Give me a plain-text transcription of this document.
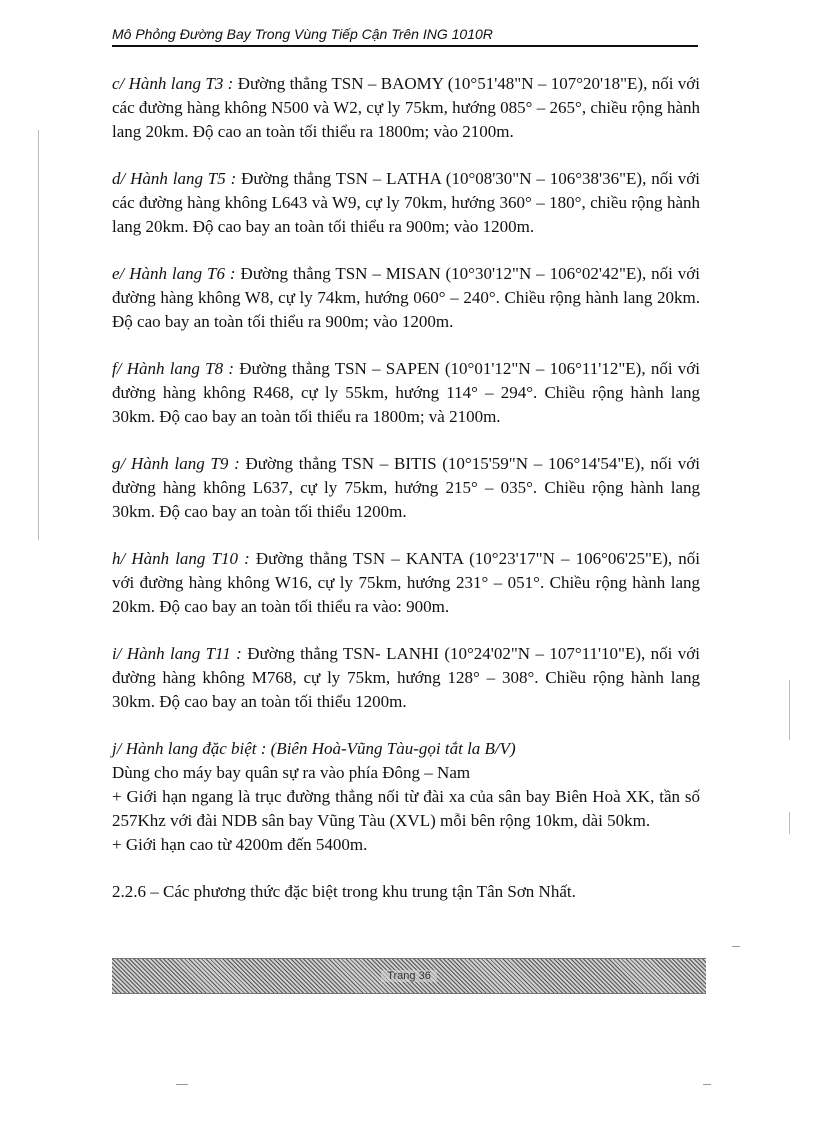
Mô Phỏng Đường Bay Trong Vùng Tiếp Cận Trên ING 1010R

c/ Hành lang T3 : Đường thẳng TSN – BAOMY (10°51'48"N – 107°20'18"E), nối với các đường hàng không N500 và W2, cự ly 75km, hướng 085° – 265°, chiều rộng hành lang 20km. Độ cao an toàn tối thiểu ra 1800m; vào 2100m.

d/ Hành lang T5 : Đường thẳng TSN – LATHA (10°08'30"N – 106°38'36"E), nối với các đường hàng không L643 và W9, cự ly 70km, hướng 360° – 180°, chiều rộng hành lang 20km. Độ cao bay an toàn tối thiểu ra 900m; vào 1200m.

e/ Hành lang T6 : Đường thẳng TSN – MISAN (10°30'12"N – 106°02'42"E), nối với đường hàng không W8, cự ly 74km, hướng 060° – 240°. Chiều rộng hành lang 20km. Độ cao bay an toàn tối thiểu ra 900m; vào 1200m.

f/ Hành lang T8 : Đường thẳng TSN – SAPEN (10°01'12"N – 106°11'12"E), nối với đường hàng không R468, cự ly 55km, hướng 114° – 294°. Chiều rộng hành lang 30km. Độ cao bay an toàn tối thiểu ra 1800m; và 2100m.

g/ Hành lang T9 : Đường thẳng TSN – BITIS (10°15'59"N – 106°14'54"E), nối với đường hàng không L637, cự ly 75km, hướng 215° – 035°. Chiều rộng hành lang 30km. Độ cao bay an toàn tối thiểu 1200m.

h/ Hành lang T10 : Đường thẳng TSN – KANTA (10°23'17"N – 106°06'25"E), nối với đường hàng không W16, cự ly 75km, hướng 231° – 051°. Chiều rộng hành lang 20km. Độ cao bay an toàn tối thiểu ra vào: 900m.

i/ Hành lang T11 : Đường thẳng TSN- LANHI (10°24'02"N – 107°11'10"E), nối với đường hàng không M768, cự ly 75km, hướng 128° – 308°. Chiều rộng hành lang 30km. Độ cao bay an toàn tối thiểu 1200m.

j/ Hành lang đặc biệt : (Biên Hoà-Vũng Tàu-gọi tắt la B/V)

Dùng cho máy bay quân sự ra vào phía Đông – Nam

+ Giới hạn ngang là trục đường thẳng nối từ đài xa của sân bay Biên Hoà XK, tần số 257Khz với đài NDB sân bay Vũng Tàu (XVL) mỗi bên rộng 10km, dài 50km.

+ Giới hạn cao từ 4200m đến 5400m.

2.2.6 – Các phương thức đặc biệt trong khu trung tận Tân Sơn Nhất.

Trang 36
